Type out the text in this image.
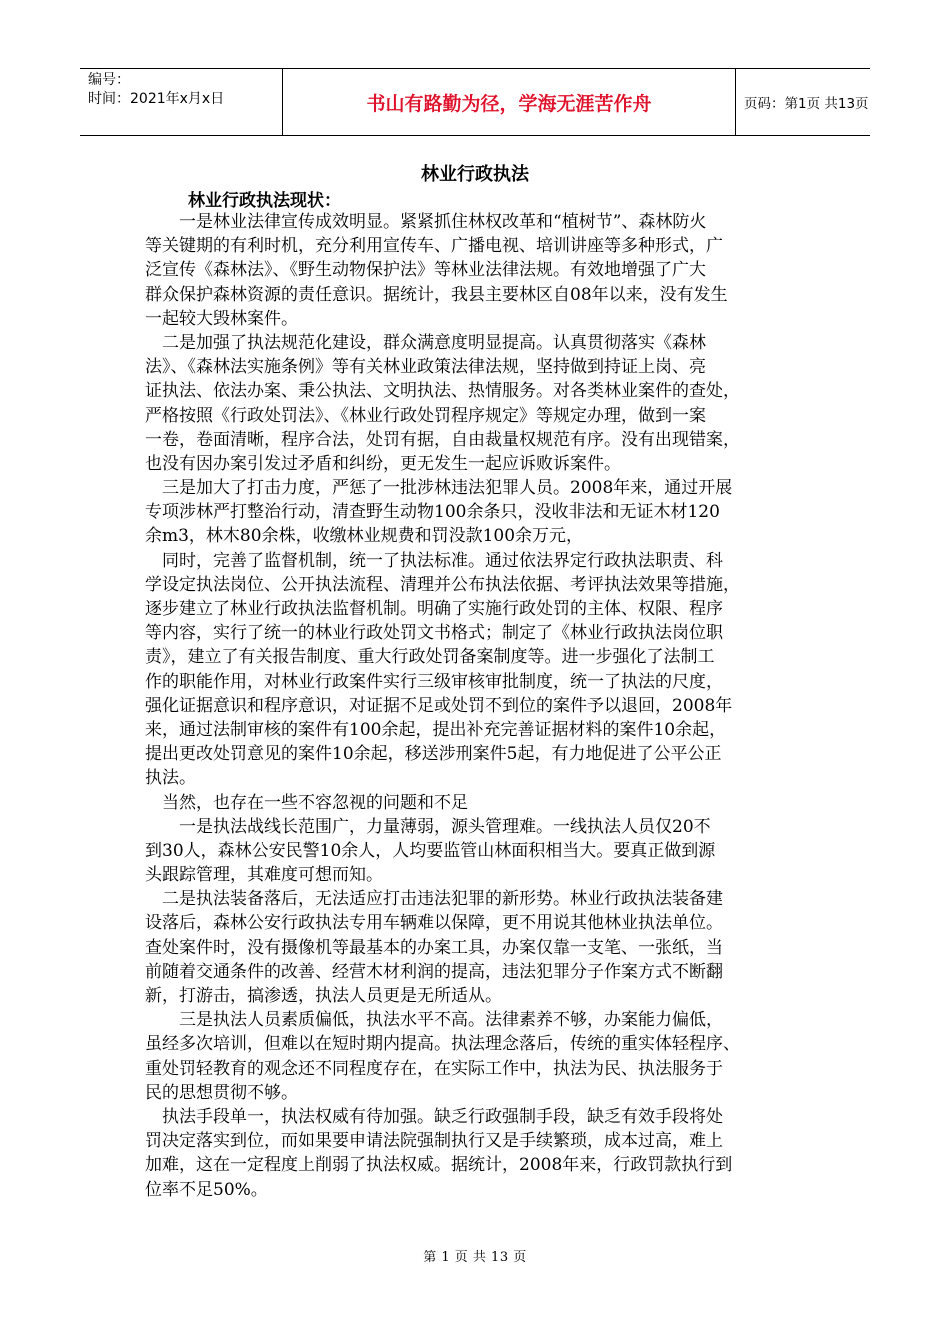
编号：
时间：2021年x月x日	书山有路勤为径，学海无涯苦作舟	页码：第1页 共13页
林业行政执法
林业行政执法现状：
　　一是林业法律宣传成效明显。紧紧抓住林权改革和“植树节”、森林防火
等关键期的有利时机，充分利用宣传车、广播电视、培训讲座等多种形式，广
泛宣传《森林法》、《野生动物保护法》等林业法律法规。有效地增强了广大
群众保护森林资源的责任意识。据统计，我县主要林区自08年以来，没有发生
一起较大毁林案件。
　二是加强了执法规范化建设，群众满意度明显提高。认真贯彻落实《森林
法》、《森林法实施条例》等有关林业政策法律法规，坚持做到持证上岗、亮
证执法、依法办案、秉公执法、文明执法、热情服务。对各类林业案件的查处，
严格按照《行政处罚法》、《林业行政处罚程序规定》等规定办理，做到一案
一卷，卷面清晰，程序合法，处罚有据，自由裁量权规范有序。没有出现错案，
也没有因办案引发过矛盾和纠纷，更无发生一起应诉败诉案件。
　三是加大了打击力度，严惩了一批涉林违法犯罪人员。2008年来，通过开展
专项涉林严打整治行动，清查野生动物100余条只，没收非法和无证木材120
余m3，林木80余株，收缴林业规费和罚没款100余万元，
　同时，完善了监督机制，统一了执法标准。通过依法界定行政执法职责、科
学设定执法岗位、公开执法流程、清理并公布执法依据、考评执法效果等措施，
逐步建立了林业行政执法监督机制。明确了实施行政处罚的主体、权限、程序
等内容，实行了统一的林业行政处罚文书格式；制定了《林业行政执法岗位职
责》，建立了有关报告制度、重大行政处罚备案制度等。进一步强化了法制工
作的职能作用，对林业行政案件实行三级审核审批制度，统一了执法的尺度，
强化证据意识和程序意识，对证据不足或处罚不到位的案件予以退回，2008年
来，通过法制审核的案件有100余起，提出补充完善证据材料的案件10余起，
提出更改处罚意见的案件10余起，移送涉刑案件5起，有力地促进了公平公正
执法。
　当然，也存在一些不容忽视的问题和不足
　　一是执法战线长范围广，力量薄弱，源头管理难。一线执法人员仅20不
到30人，森林公安民警10余人，人均要监管山林面积相当大。要真正做到源
头跟踪管理，其难度可想而知。
　二是执法装备落后，无法适应打击违法犯罪的新形势。林业行政执法装备建
设落后，森林公安行政执法专用车辆难以保障，更不用说其他林业执法单位。
查处案件时，没有摄像机等最基本的办案工具，办案仅靠一支笔、一张纸，当
前随着交通条件的改善、经营木材利润的提高，违法犯罪分子作案方式不断翻
新，打游击，搞渗透，执法人员更是无所适从。
　　三是执法人员素质偏低，执法水平不高。法律素养不够，办案能力偏低，
虽经多次培训，但难以在短时期内提高。执法理念落后，传统的重实体轻程序、
重处罚轻教育的观念还不同程度存在，在实际工作中，执法为民、执法服务于
民的思想贯彻不够。
　执法手段单一，执法权威有待加强。缺乏行政强制手段，缺乏有效手段将处
罚决定落实到位，而如果要申请法院强制执行又是手续繁琐，成本过高，难上
加难，这在一定程度上削弱了执法权威。据统计，2008年来，行政罚款执行到
位率不足50%。
第 1 页 共 13 页
